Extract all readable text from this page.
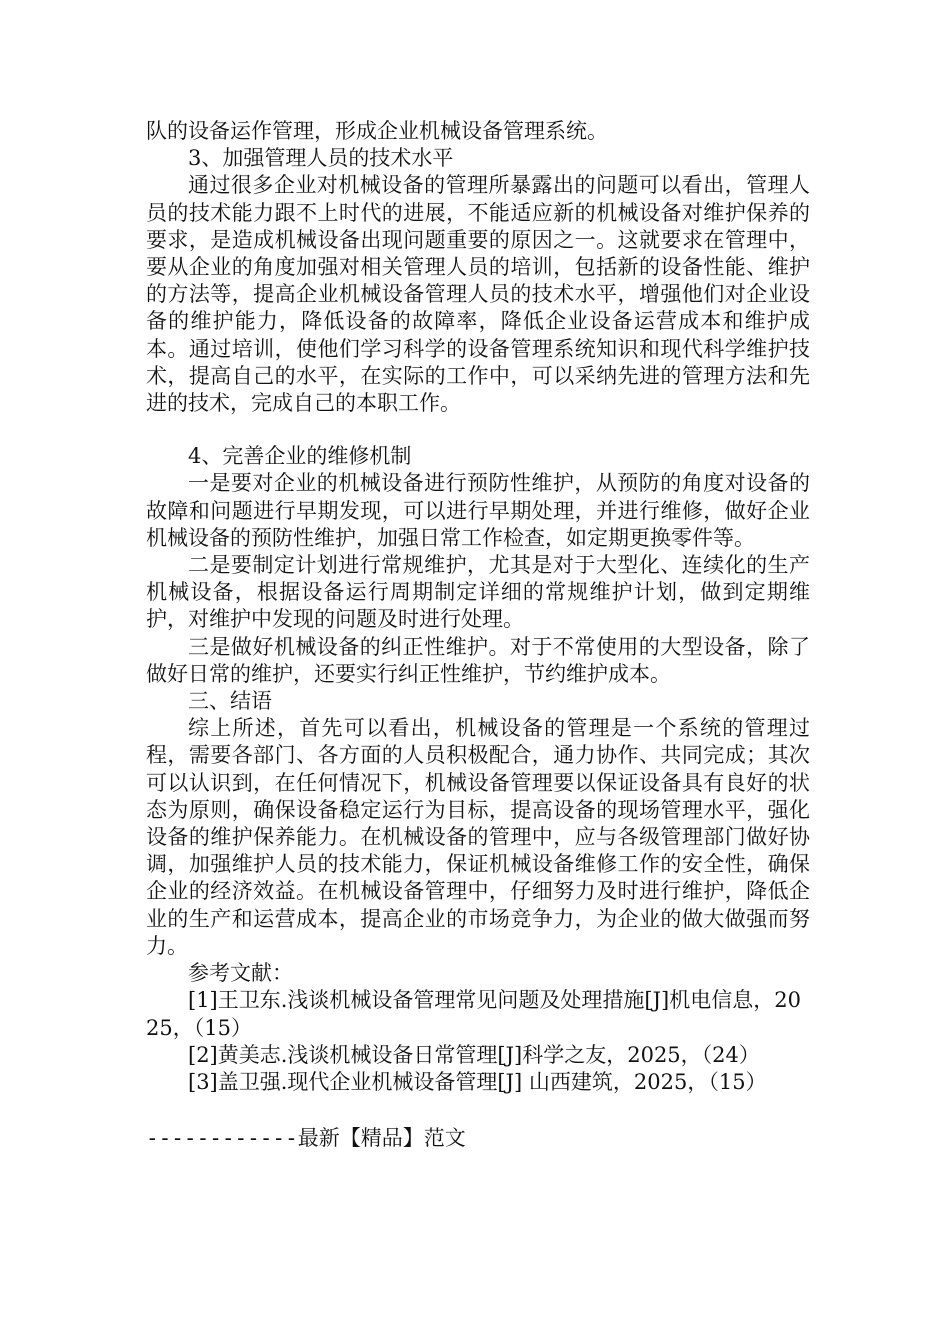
队的设备运作管理，形成企业机械设备管理系统。

3、加强管理人员的技术水平

通过很多企业对机械设备的管理所暴露出的问题可以看出，管理人员的技术能力跟不上时代的进展，不能适应新的机械设备对维护保养的要求，是造成机械设备出现问题重要的原因之一。这就要求在管理中，要从企业的角度加强对相关管理人员的培训，包括新的设备性能、维护的方法等，提高企业机械设备管理人员的技术水平，增强他们对企业设备的维护能力，降低设备的故障率，降低企业设备运营成本和维护成本。通过培训，使他们学习科学的设备管理系统知识和现代科学维护技术，提高自己的水平，在实际的工作中，可以采纳先进的管理方法和先进的技术，完成自己的本职工作。

4、完善企业的维修机制

一是要对企业的机械设备进行预防性维护，从预防的角度对设备的故障和问题进行早期发现，可以进行早期处理，并进行维修，做好企业机械设备的预防性维护，加强日常工作检查，如定期更换零件等。

二是要制定计划进行常规维护，尤其是对于大型化、连续化的生产机械设备，根据设备运行周期制定详细的常规维护计划，做到定期维护，对维护中发现的问题及时进行处理。

三是做好机械设备的纠正性维护。对于不常使用的大型设备，除了做好日常的维护，还要实行纠正性维护，节约维护成本。

三、结语

综上所述，首先可以看出，机械设备的管理是一个系统的管理过程，需要各部门、各方面的人员积极配合，通力协作、共同完成；其次可以认识到，在任何情况下，机械设备管理要以保证设备具有良好的状态为原则，确保设备稳定运行为目标，提高设备的现场管理水平，强化设备的维护保养能力。在机械设备的管理中，应与各级管理部门做好协调，加强维护人员的技术能力，保证机械设备维修工作的安全性，确保企业的经济效益。在机械设备管理中，仔细努力及时进行维护，降低企业的生产和运营成本，提高企业的市场竞争力，为企业的做大做强而努力。

参考文献：

[1]王卫东.浅谈机械设备管理常见问题及处理措施[J]机电信息，2025，（15）

[2]黄美志.浅谈机械设备日常管理[J]科学之友，2025，（24）

[3]盖卫强.现代企业机械设备管理[J] 山西建筑，2025，（15）

------------最新【精品】范文
